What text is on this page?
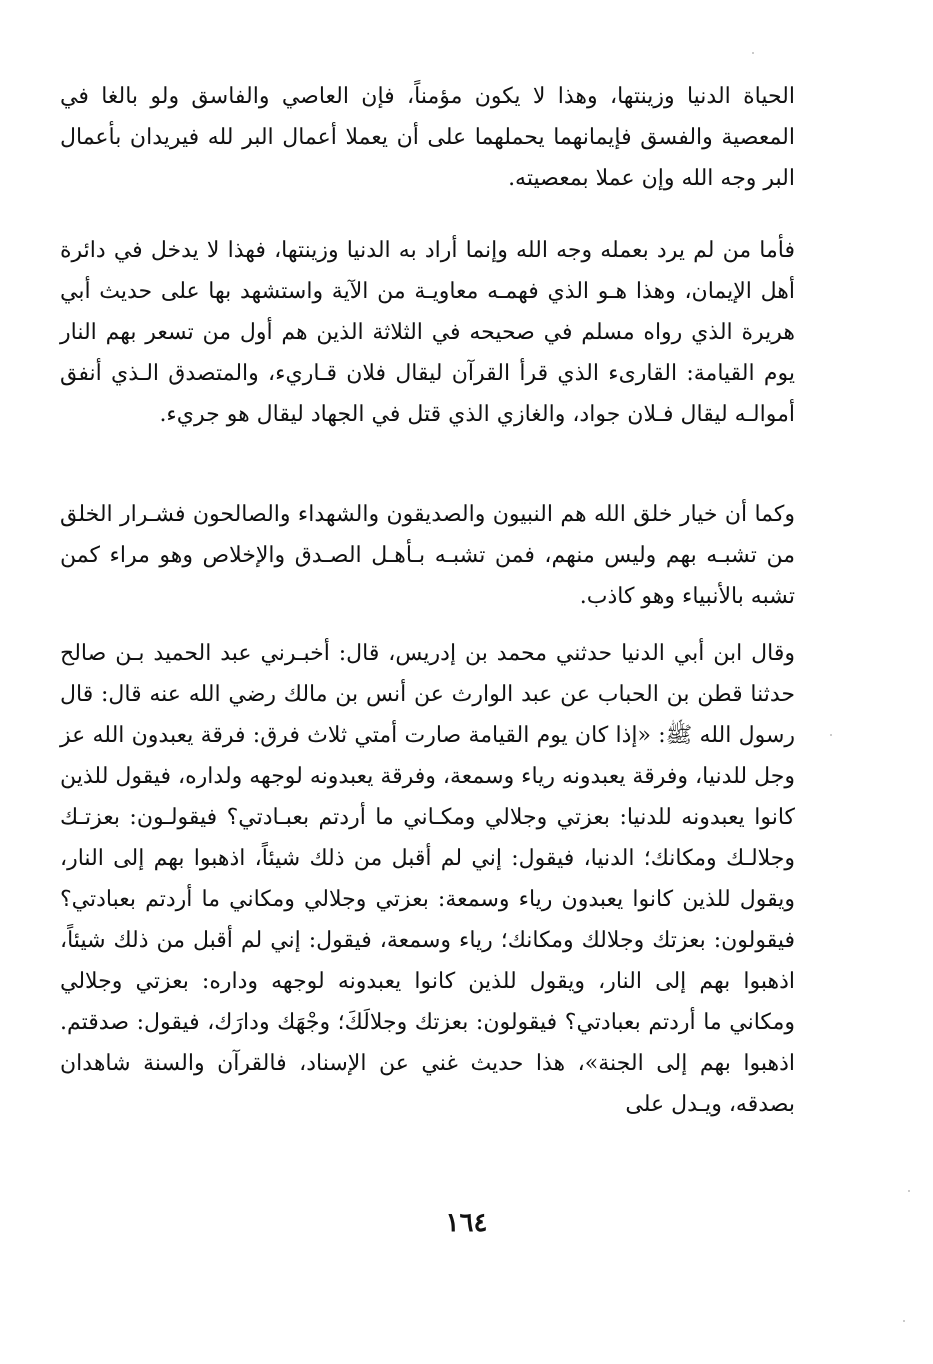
الحياة الدنيا وزينتها، وهذا لا يكون مؤمناً، فإن العاصي والفاسق ولو بالغا في المعصية والفسق فإيمانهما يحملهما على أن يعملا أعمال البر لله فيريدان بأعمال البر وجه الله وإن عملا بمعصيته.

فأما من لم يرد بعمله وجه الله وإنما أراد به الدنيا وزينتها، فهذا لا يدخل في دائرة أهل الإيمان، وهذا هـو الذي فهمـه معاويـة من الآية واستشهد بها على حديث أبي هريرة الذي رواه مسلم في صحيحه في الثلاثة الذين هم أول من تسعر بهم النار يوم القيامة: القارىء الذي قرأ القرآن ليقال فلان قـاريء، والمتصدق الـذي أنفق أموالـه ليقال فـلان جواد، والغازي الذي قتل في الجهاد ليقال هو جريء.

وكما أن خيار خلق الله هم النبيون والصديقون والشهداء والصالحون فشـرار الخلق من تشبـه بهم وليس منهم، فمن تشبـه بـأهـل الصـدق والإخلاص وهو مراء كمن تشبه بالأنبياء وهو كاذب.

وقال ابن أبي الدنيا حدثني محمد بن إدريس، قال: أخبـرني عبد الحميد بـن صالح حدثنا قطن بن الحباب عن عبد الوارث عن أنس بن مالك رضي الله عنه قال: قال رسول الله ﷺ: «إذا كان يوم القيامة صارت أمتي ثلاث فرق: فرقة يعبدون الله عز وجل للدنيا، وفرقة يعبدونه رياء وسمعة، وفرقة يعبدونه لوجهه ولداره، فيقول للذين كانوا يعبدونه للدنيا: بعزتي وجلالي ومكـاني ما أردتم بعبـادتي؟ فيقولـون: بعزتـك وجلالـك ومكانك؛ الدنيا، فيقول: إني لم أقبل من ذلك شيئاً، اذهبوا بهم إلى النار، ويقول للذين كانوا يعبدون رياء وسمعة: بعزتي وجلالي ومكاني ما أردتم بعبادتي؟ فيقولون: بعزتك وجلالك ومكانك؛ رياء وسمعة، فيقول: إني لم أقبل من ذلك شيئاً، اذهبوا بهم إلى النار، ويقول للذين كانوا يعبدونه لوجهه وداره: بعزتي وجلالي ومكاني ما أردتم بعبادتي؟ فيقولون: بعزتك وجلالَكَ؛ وجْهَك ودارَك، فيقول: صدقتم. اذهبوا بهم إلى الجنة»، هذا حديث غني عن الإسناد، فالقرآن والسنة شاهدان بصدقه، ويـدل على

١٦٤
